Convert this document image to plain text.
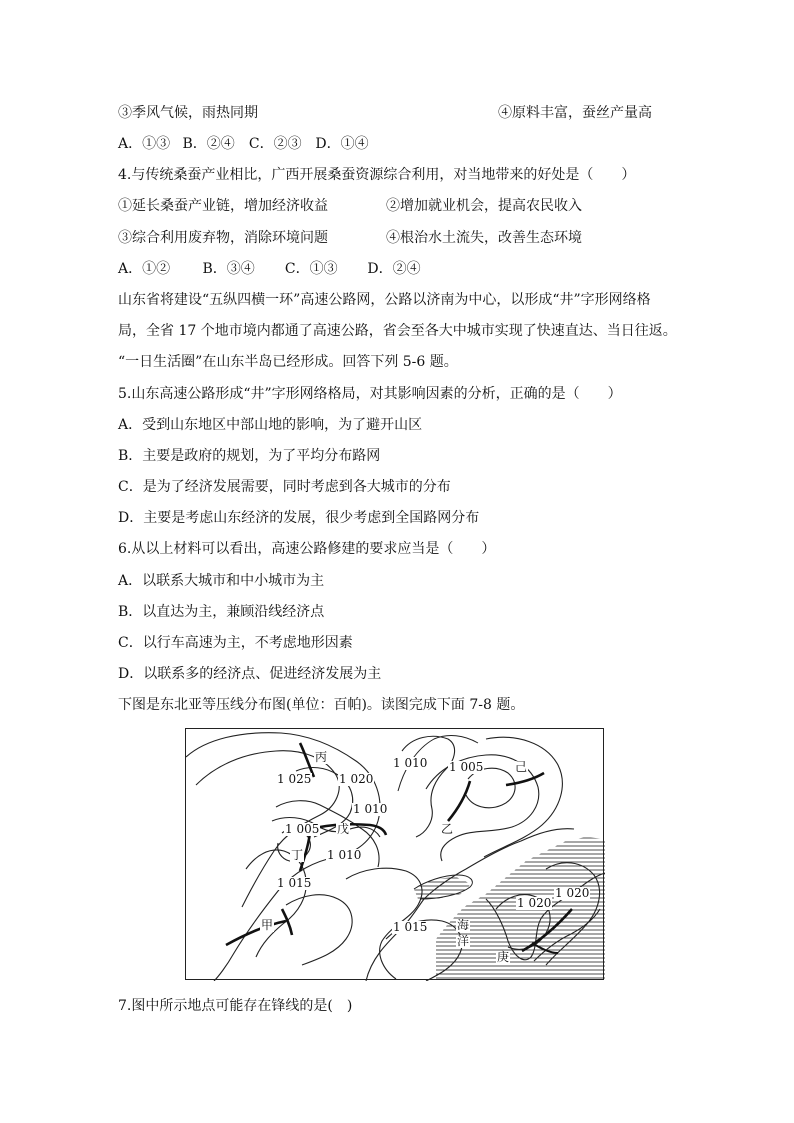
③季风气候，雨热同期	④原料丰富，蚕丝产量高
A．①③ B．②④ C．②③ D．①④
4.与传统桑蚕产业相比，广西开展桑蚕资源综合利用，对当地带来的好处是（　　）
①延长桑蚕产业链，增加经济收益	②增加就业机会，提高农民收入
③综合利用废弃物，消除环境问题	④根治水土流失，改善生态环境
A．①② B．③④ C．①③ D．②④
山东省将建设“五纵四横一环”高速公路网，公路以济南为中心，以形成“井”字形网络格
局，全省 17 个地市境内都通了高速公路，省会至各大中城市实现了快速直达、当日往返。
“一日生活圈”在山东半岛已经形成。回答下列 5-6 题。
5.山东高速公路形成“井”字形网络格局，对其影响因素的分析，正确的是（　　）
A．受到山东地区中部山地的影响，为了避开山区
B．主要是政府的规划，为了平均分布路网
C．是为了经济发展需要，同时考虑到各大城市的分布
D．主要是考虑山东经济的发展，很少考虑到全国路网分布
6.从以上材料可以看出，高速公路修建的要求应当是（　　）
A．以联系大城市和中小城市为主
B．以直达为主，兼顾沿线经济点
C．以行车高速为主，不考虑地形因素
D．以联系多的经济点、促进经济发展为主
下图是东北亚等压线分布图(单位：百帕)。读图完成下面 7-8 题。
1 025 1 020
1 010 1 005
1 010
1 005
1 010
1 015
1 015
1 020
1 020
丙
戊
丁
甲
乙
己
庚
海
洋
7.图中所示地点可能存在锋线的是(　)
